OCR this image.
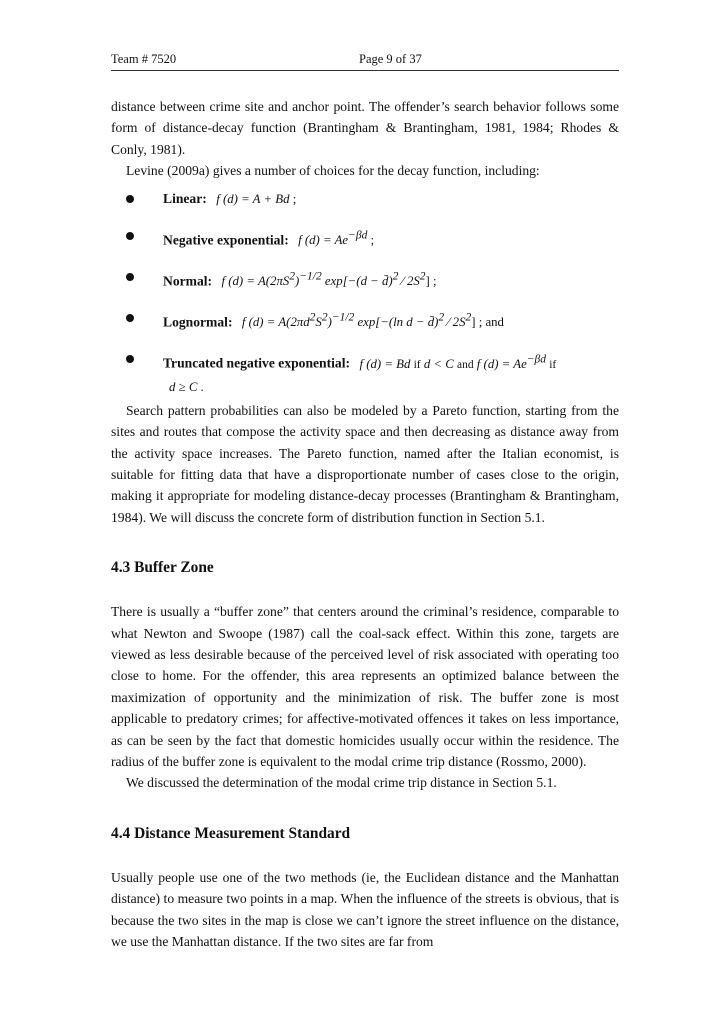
Team # 7520	Page 9 of 37

distance between crime site and anchor point. The offender’s search behavior follows some form of distance-decay function (Brantingham & Brantingham, 1981, 1984; Rhodes & Conly, 1981).

Levine (2009a) gives a number of choices for the decay function, including:

Linear: f (d) = A + Bd ;
Negative exponential: f $(d) = Ae^{-\beta d}$ ;
Normal: f $(d) = A(2\pi S^2)^{-1/2}$ exp[−(d − d̄)$^2$ ⁄ $2S^2$] ;
Lognormal: f $(d) = A(2\pi d^2S^2)^{-1/2}$ exp[−(ln d − d̄)$^2$ ⁄ $2S^2$] ; and
Truncated negative exponential: f (d) = Bd if d < C and f $(d) = Ae^{-\beta d}$ if
d ≥ C .

Search pattern probabilities can also be modeled by a Pareto function, starting from the sites and routes that compose the activity space and then decreasing as distance away from the activity space increases. The Pareto function, named after the Italian economist, is suitable for fitting data that have a disproportionate number of cases close to the origin, making it appropriate for modeling distance-decay processes (Brantingham & Brantingham, 1984). We will discuss the concrete form of distribution function in Section 5.1.

4.3 Buffer Zone

There is usually a “buffer zone” that centers around the criminal’s residence, comparable to what Newton and Swoope (1987) call the coal-sack effect. Within this zone, targets are viewed as less desirable because of the perceived level of risk associated with operating too close to home. For the offender, this area represents an optimized balance between the maximization of opportunity and the minimization of risk. The buffer zone is most applicable to predatory crimes; for affective-motivated offences it takes on less importance, as can be seen by the fact that domestic homicides usually occur within the residence. The radius of the buffer zone is equivalent to the modal crime trip distance (Rossmo, 2000).

We discussed the determination of the modal crime trip distance in Section 5.1.

4.4 Distance Measurement Standard

Usually people use one of the two methods (ie, the Euclidean distance and the Manhattan distance) to measure two points in a map. When the influence of the streets is obvious, that is because the two sites in the map is close we can’t ignore the street influence on the distance, we use the Manhattan distance. If the two sites are far from
